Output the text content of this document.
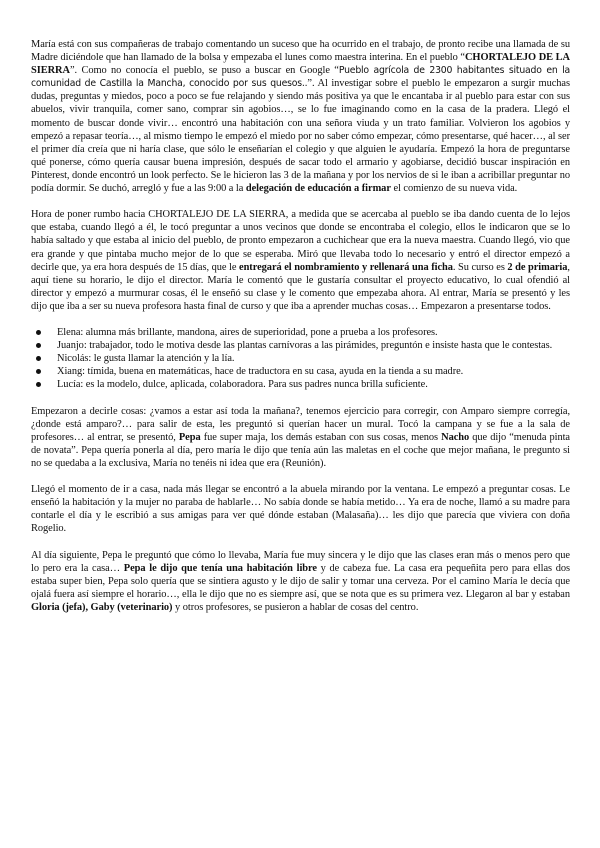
María está con sus compañeras de trabajo comentando un suceso que ha ocurrido en el trabajo, de pronto recibe una llamada de su Madre diciéndole que han llamado de la bolsa y empezaba el lunes como maestra interina. En el pueblo “CHORTALEJO DE LA SIERRA”. Como no conocía el pueblo, se puso a buscar en Google “Pueblo agrícola de 2300 habitantes situado en la comunidad de Castilla la Mancha, conocido por sus quesos..”. Al investigar sobre el pueblo le empezaron a surgir muchas dudas, preguntas y miedos, poco a poco se fue relajando y siendo más positiva ya que le encantaba ir al pueblo para estar con sus abuelos, vivir tranquila, comer sano, comprar sin agobios…, se lo fue imaginando como en la casa de la pradera. Llegó el momento de buscar donde vivir… encontró una habitación con una señora viuda y un trato familiar. Volvieron los agobios y empezó a repasar teoría…, al mismo tiempo le empezó el miedo por no saber cómo empezar, cómo presentarse, qué hacer…, al ser el primer día creía que ni haría clase, que sólo le enseñarían el colegio y que alguien le ayudaría. Empezó la hora de preguntarse qué ponerse, cómo quería causar buena impresión, después de sacar todo el armario y agobiarse, decidió buscar inspiración en Pinterest, donde encontró un look perfecto. Se le hicieron las 3 de la mañana y por los nervios de si le iban a acribillar preguntar no podía dormir. Se duchó, arregló y fue a las 9:00 a la delegación de educación a firmar el comienzo de su nueva vida.

Hora de poner rumbo hacia CHORTALEJO DE LA SIERRA, a medida que se acercaba al pueblo se iba dando cuenta de lo lejos que estaba, cuando llegó a él, le tocó preguntar a unos vecinos que donde se encontraba el colegio, ellos le indicaron que se lo había saltado y que estaba al inicio del pueblo, de pronto empezaron a cuchichear que era la nueva maestra. Cuando llegó, vio que era grande y que pintaba mucho mejor de lo que se esperaba. Miró que llevaba todo lo necesario y entró el director empezó a decirle que, ya era hora después de 15 días, que le entregará el nombramiento y rellenará una ficha. Su curso es 2 de primaria, aquí tiene su horario, le dijo el director. María le comentó que le gustaría consultar el proyecto educativo, lo cual ofendió al director y empezó a murmurar cosas, él le enseñó su clase y le comento que empezaba ahora. Al entrar, María se presentó y les dijo que iba a ser su nueva profesora hasta final de curso y que iba a aprender muchas cosas… Empezaron a presentarse todos.

Elena: alumna más brillante, mandona, aires de superioridad, pone a prueba a los profesores.
Juanjo: trabajador, todo le motiva desde las plantas carnívoras a las pirámides, preguntón e insiste hasta que le contestas.
Nicolás: le gusta llamar la atención y la lía.
Xiang: tímida, buena en matemáticas, hace de traductora en su casa, ayuda en la tienda a su madre.
Lucía: es la modelo, dulce, aplicada, colaboradora. Para sus padres nunca brilla suficiente.

Empezaron a decirle cosas: ¿vamos a estar así toda la mañana?, tenemos ejercicio para corregir, con Amparo siempre corregía, ¿donde está amparo?… para salir de esta, les preguntó si querían hacer un mural. Tocó la campana y se fue a la sala de profesores… al entrar, se presentó, Pepa fue super maja, los demás estaban con sus cosas, menos Nacho que dijo “menuda pinta de novata”. Pepa quería ponerla al día, pero maría le dijo que tenía aún las maletas en el coche que mejor mañana, le pregunto si no se quedaba a la exclusiva, María no tenéis ni idea que era (Reunión).

Llegó el momento de ir a casa, nada más llegar se encontró a la abuela mirando por la ventana. Le empezó a preguntar cosas. Le enseñó la habitación y la mujer no paraba de hablarle… No sabía donde se había metido… Ya era de noche, llamó a su madre para contarle el día y le escribió a sus amigas para ver qué dónde estaban (Malasaña)… les dijo que parecía que viviera con doña Rogelio.

Al día siguiente, Pepa le preguntó que cómo lo llevaba, María fue muy sincera y le dijo que las clases eran más o menos pero que lo pero era la casa… Pepa le dijo que tenía una habitación libre y de cabeza fue. La casa era pequeñita pero para ellas dos estaba super bien, Pepa solo quería que se sintiera agusto y le dijo de salir y tomar una cerveza. Por el camino María le decía que ojalá fuera así siempre el horario…, ella le dijo que no es siempre así, que se nota que es su primera vez. Llegaron al bar y estaban Gloria (jefa), Gaby (veterinario) y otros profesores, se pusieron a hablar de cosas del centro.
